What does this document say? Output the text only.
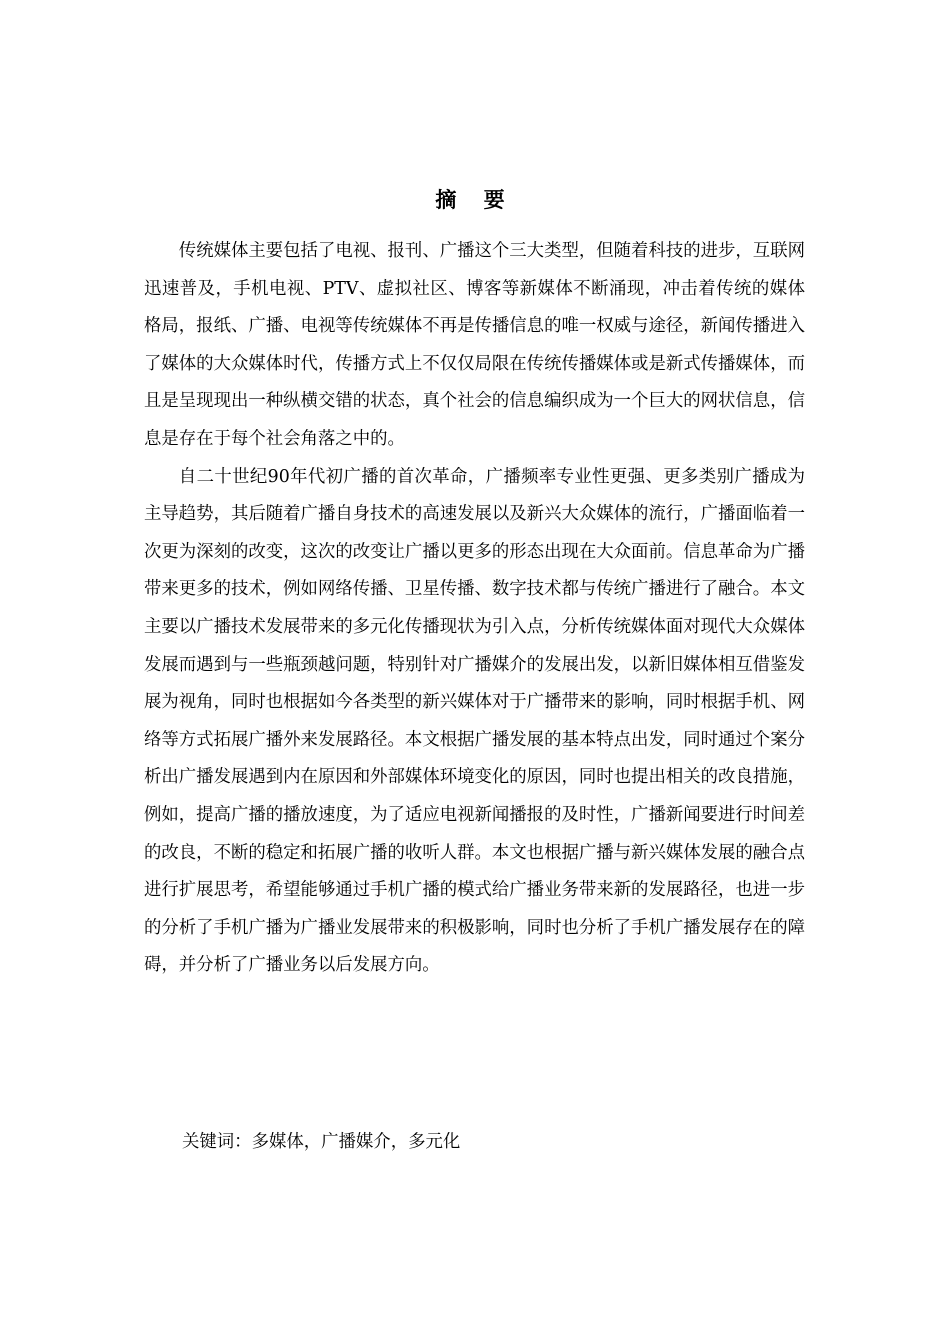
摘 要

传统媒体主要包括了电视、报刊、广播这个三大类型，但随着科技的进步，互联网迅速普及，手机电视、PTV、虚拟社区、博客等新媒体不断涌现，冲击着传统的媒体格局，报纸、广播、电视等传统媒体不再是传播信息的唯一权威与途径，新闻传播进入了媒体的大众媒体时代，传播方式上不仅仅局限在传统传播媒体或是新式传播媒体，而且是呈现现出一种纵横交错的状态，真个社会的信息编织成为一个巨大的网状信息，信息是存在于每个社会角落之中的。

自二十世纪90年代初广播的首次革命，广播频率专业性更强、更多类别广播成为主导趋势，其后随着广播自身技术的高速发展以及新兴大众媒体的流行，广播面临着一次更为深刻的改变，这次的改变让广播以更多的形态出现在大众面前。信息革命为广播带来更多的技术，例如网络传播、卫星传播、数字技术都与传统广播进行了融合。本文主要以广播技术发展带来的多元化传播现状为引入点，分析传统媒体面对现代大众媒体发展而遇到与一些瓶颈越问题，特别针对广播媒介的发展出发，以新旧媒体相互借鉴发展为视角，同时也根据如今各类型的新兴媒体对于广播带来的影响，同时根据手机、网络等方式拓展广播外来发展路径。本文根据广播发展的基本特点出发，同时通过个案分析出广播发展遇到内在原因和外部媒体环境变化的原因，同时也提出相关的改良措施，例如，提高广播的播放速度，为了适应电视新闻播报的及时性，广播新闻要进行时间差的改良，不断的稳定和拓展广播的收听人群。本文也根据广播与新兴媒体发展的融合点进行扩展思考，希望能够通过手机广播的模式给广播业务带来新的发展路径，也进一步的分析了手机广播为广播业发展带来的积极影响，同时也分析了手机广播发展存在的障碍，并分析了广播业务以后发展方向。

关键词：多媒体，广播媒介，多元化
